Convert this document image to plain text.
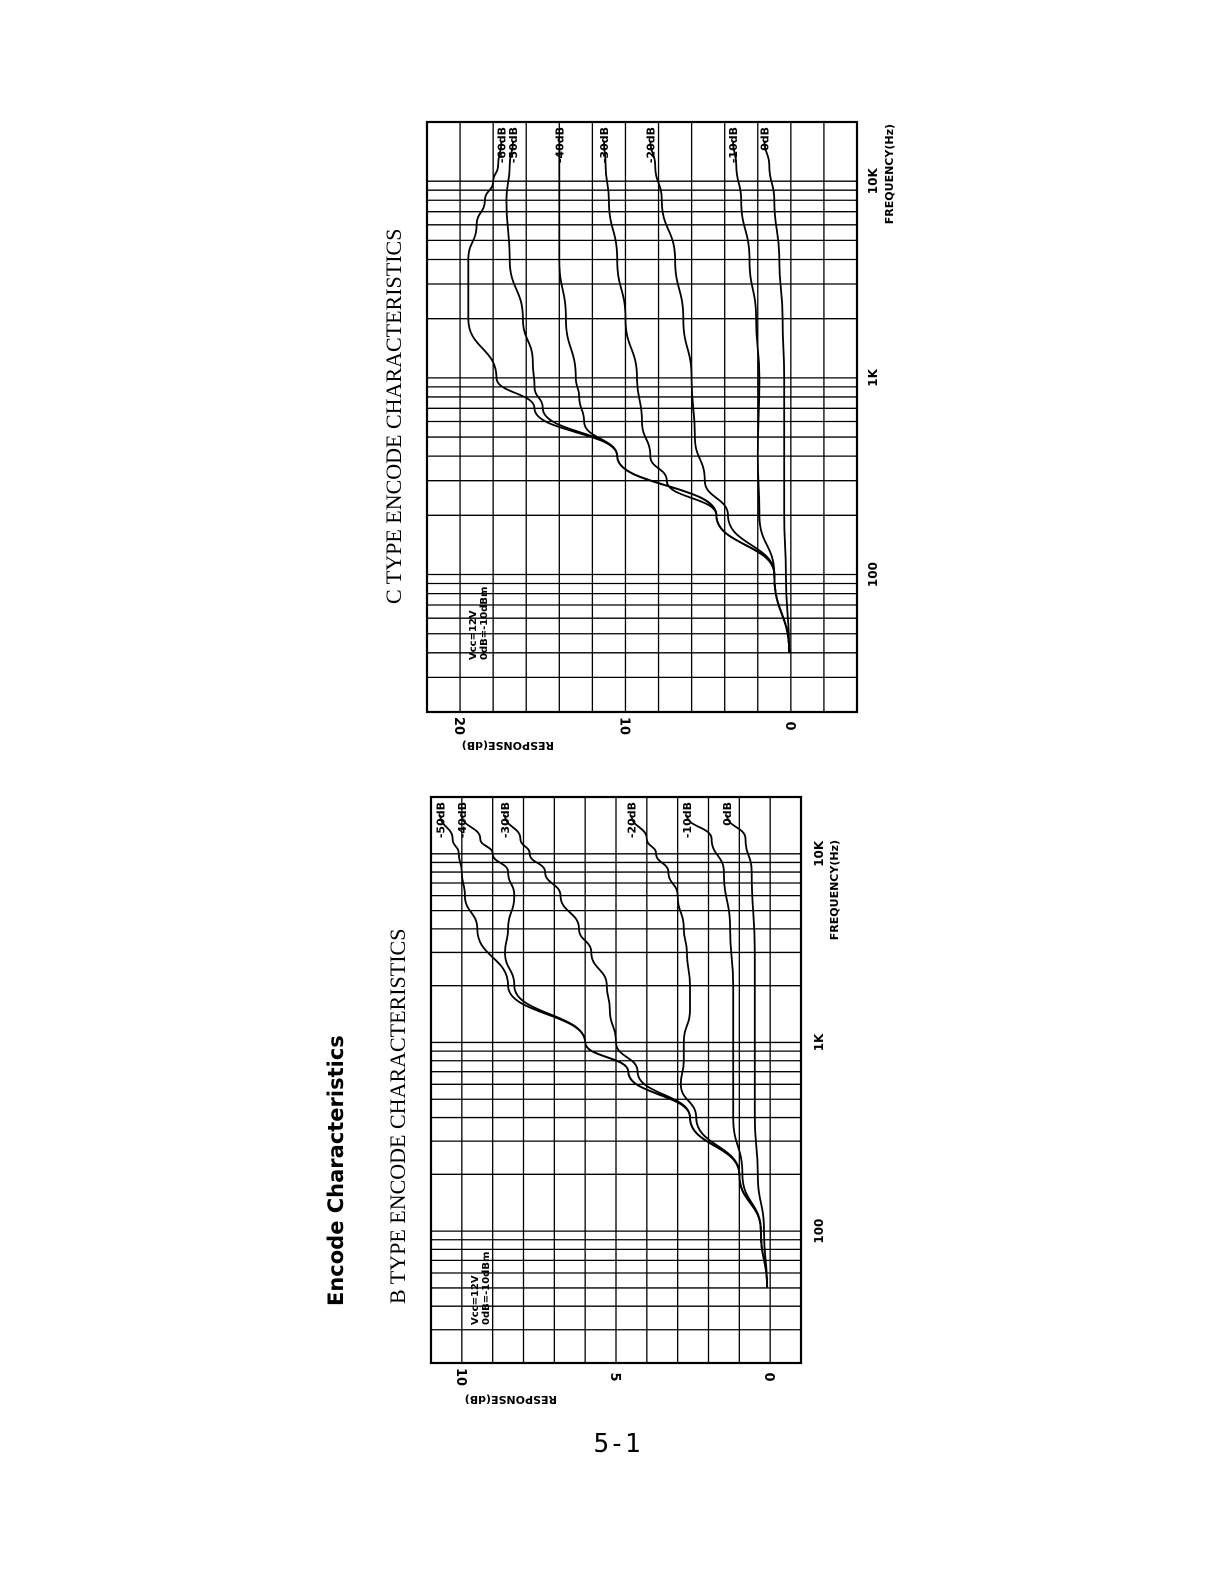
Encode Characteristics
5-1
B TYPE ENCODE CHARACTERISTICS
RESPONSE(dB)
FREQUENCY(Hz)
100
1K
10K
10	5	0
Vcc=12V 0dB=-10dBm
-50dB -40dB	-30dB	-20dB	-10dB 0dB
C TYPE ENCODE CHARACTERISTICS
RESPONSE(dB)
FREQUENCY(Hz)
100
1K
10K
20	10	0
Vcc=12V 0dB=-10dBm
-60dB
-50dB	-40dB	-30dB	-20dB	-10dB 0dB
